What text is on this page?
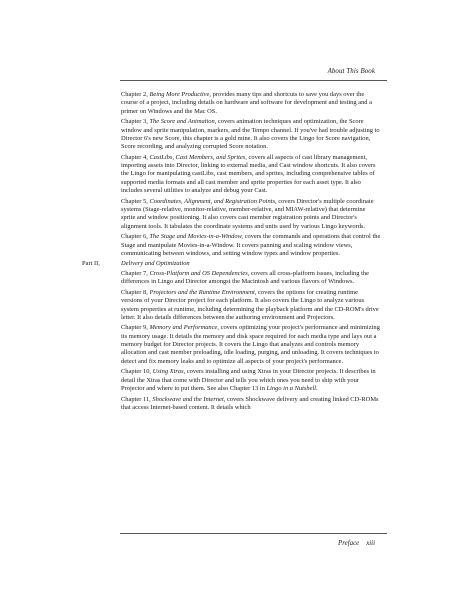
About This Book

Chapter 2, Being More Productive, provides many tips and shortcuts to save you days over the course of a project, including details on hardware and software for development and testing and a primer on Windows and the Mac OS.

Chapter 3, The Score and Animation, covers animation techniques and optimization, the Score window and sprite manipulation, markers, and the Tempo channel. If you've had trouble adjusting to Director 6's new Score, this chapter is a gold mine. It also covers the Lingo for Score navigation, Score recording, and analyzing corrupted Score notation.

Chapter 4, CastLibs, Cast Members, and Sprites, covers all aspects of cast library management, importing assets into Director, linking to external media, and Cast window shortcuts. It also covers the Lingo for manipulating castLibs, cast members, and sprites, including comprehensive tables of supported media formats and all cast member and sprite properties for each asset type. It also includes several utilities to analyze and debug your Cast.

Chapter 5, Coordinates, Alignment, and Registration Points, covers Director's multiple coordinate systems (Stage-relative, monitor-relative, member-relative, and MIAW-relative) that determine sprite and window positioning. It also covers cast member registration points and Director's alignment tools. It tabulates the coordinate systems and units used by various Lingo keywords.

Chapter 6, The Stage and Movies-in-a-Window, covers the commands and operations that control the Stage and manipulate Movies-in-a-Window. It covers panning and scaling window views, communicating between windows, and setting window types and window properties.

Part II,	Delivery and Optimization

Chapter 7, Cross-Platform and OS Dependencies, covers all cross-platform issues, including the differences in Lingo and Director amongst the Macintosh and various flavors of Windows.

Chapter 8, Projectors and the Runtime Environment, covers the options for creating runtime versions of your Director project for each platform. It also covers the Lingo to analyze various system properties at runtime, including determining the playback platform and the CD-ROM's drive letter. It also details differences between the authoring environment and Projectors.

Chapter 9, Memory and Performance, covers optimizing your project's performance and minimizing its memory usage. It details the memory and disk space required for each media type and lays out a memory budget for Director projects. It covers the Lingo that analyzes and controls memory allocation and cast member preloading, idle loading, purging, and unloading. It covers techniques to detect and fix memory leaks and to optimize all aspects of your project's performance.

Chapter 10, Using Xtras, covers installing and using Xtras in your Director projects. It describes in detail the Xtras that come with Director and tells you which ones you need to ship with your Projector and where to put them. See also Chapter 13 in Lingo in a Nutshell.

Chapter 11, Shockwave and the Internet, covers Shockwave delivery and creating linked CD-ROMs that access Internet-based content. It details which

Preface xiii
